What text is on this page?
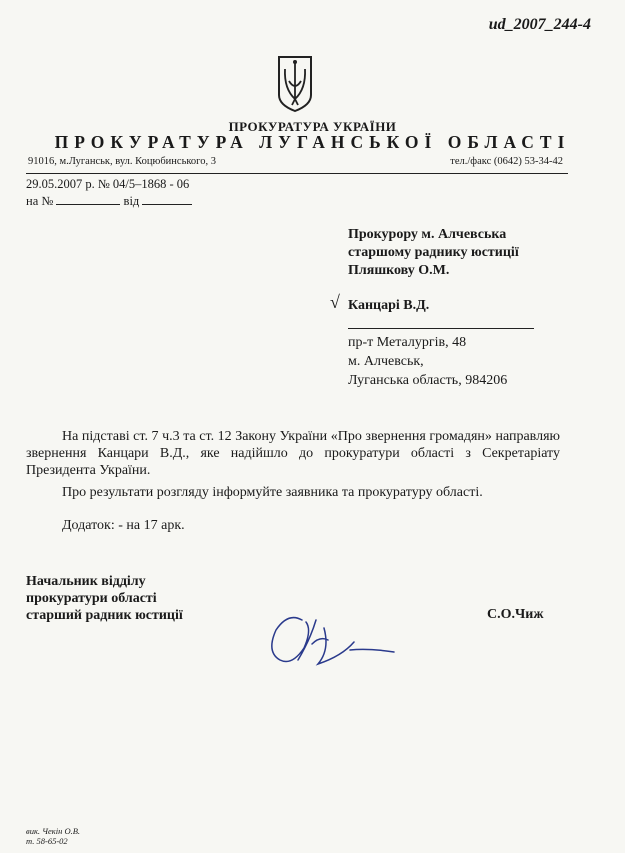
ud_2007_244-4
ПРОКУРАТУРА УКРАЇНИ
ПРОКУРАТУРА ЛУГАНСЬКОЇ ОБЛАСТІ
91016, м.Луганськ, вул. Коцюбинського, 3	тел./факс (0642) 53-34-42
29.05.2007 р. № 04/5–1868 - 06
на №	від
Прокурору м. Алчевська
старшому раднику юстиції
Пляшкову О.М.
√ Канцарі В.Д.
пр-т Металургів, 48
м. Алчевськ,
Луганська область, 984206
На підставі ст. 7 ч.3 та ст. 12 Закону України «Про звернення громадян» направляю звернення Канцари В.Д., яке надійшло до прокуратури області з Секретаріату Президента України.
Про результати розгляду інформуйте заявника та прокуратуру області.
Додаток: - на 17 арк.
Начальник відділу
прокуратури області
старший радник юстиції	С.О.Чиж
вик. Чекін О.В.
т. 58-65-02
